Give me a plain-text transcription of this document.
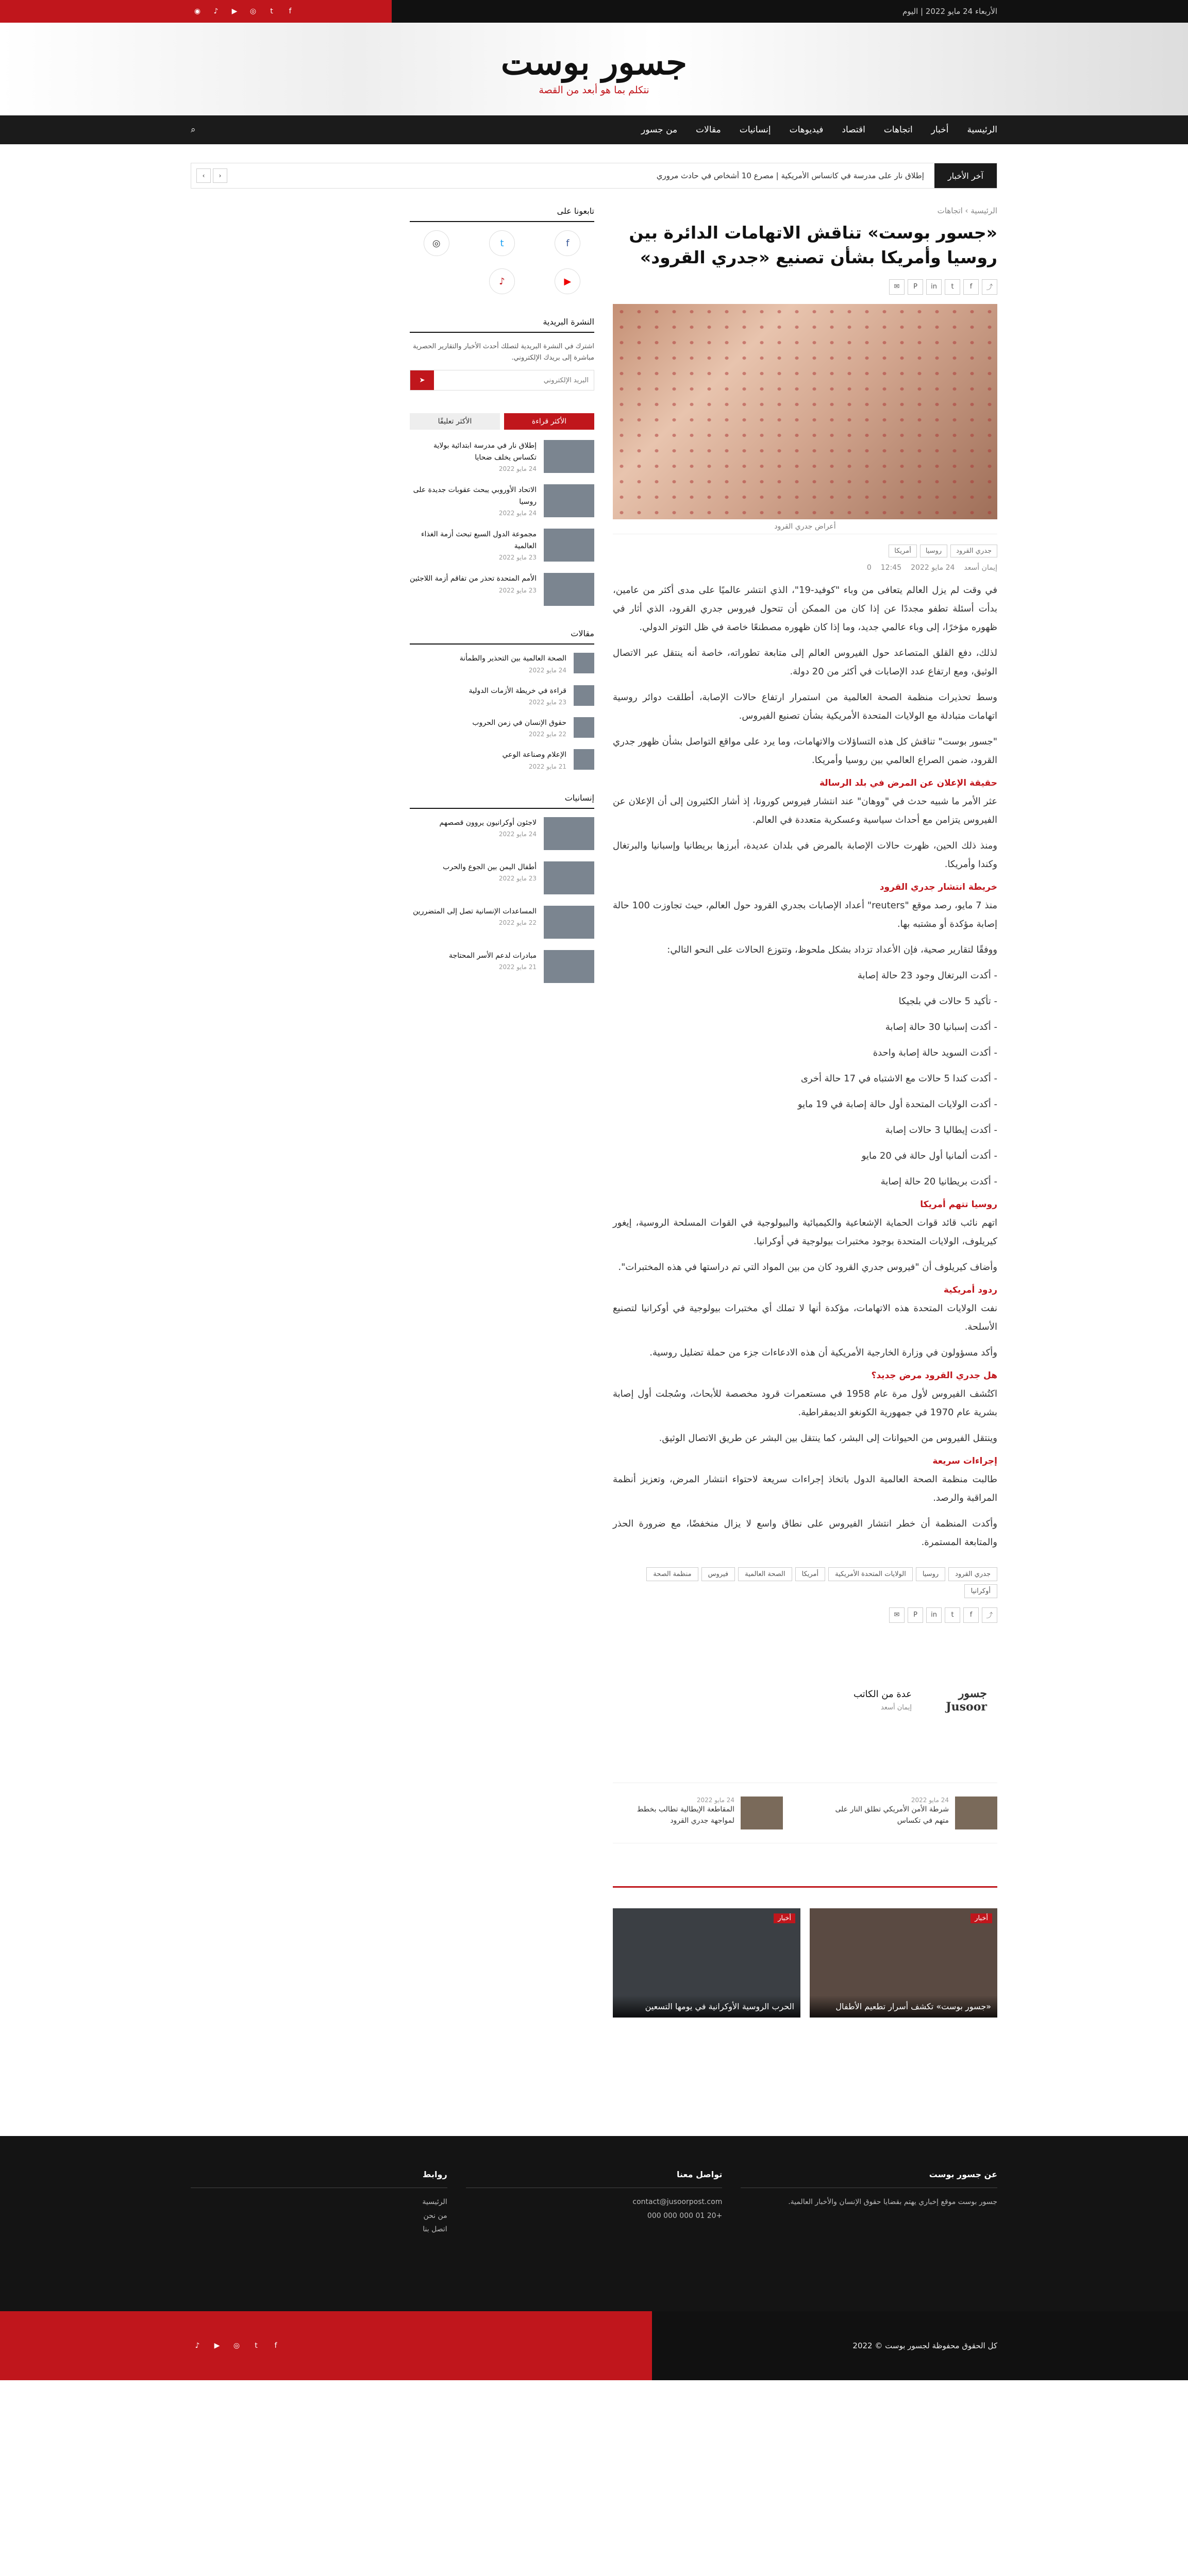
الأربعاء 24 مايو 2022 | اليوم
f
t
◎
▶
♪
◉
جسور بوست
نتكلم بما هو أبعد من القصة
الرئيسية
أخبار
اتجاهات
اقتصاد
فيديوهات
إنسانيات
مقالات
من جسور
⌕
آخر الأخبار
إطلاق نار على مدرسة في كانساس الأمريكية | مصرع 10 أشخاص في حادث مروري
‹
›
الرئيسية › اتجاهات
«جسور بوست» تناقش الاتهامات الدائرة بين روسيا وأمريكا بشأن تصنيع «جدري القرود»
⤴
f
t
in
P
✉
أعراض جدري القرود
جدري القرود
روسيا
أمريكا
إيمان أسعد
24 مايو 2022
12:45
0

في وقت لم يزل العالم يتعافى من وباء "كوفيد-19"، الذي انتشر عالميًا على مدى أكثر من عامين، بدأت أسئلة تطفو مجددًا عن إذا كان من الممكن أن تتحول فيروس جدري القرود، الذي أثار في ظهوره مؤخرًا، إلى وباء عالمي جديد، وما إذا كان ظهوره مصطنعًا خاصة في ظل التوتر الدولي.

لذلك، دفع القلق المتصاعد حول الفيروس العالم إلى متابعة تطوراته، خاصة أنه ينتقل عبر الاتصال الوثيق، ومع ارتفاع عدد الإصابات في أكثر من 20 دولة.

وسط تحذيرات منظمة الصحة العالمية من استمرار ارتفاع حالات الإصابة، أطلقت دوائر روسية اتهامات متبادلة مع الولايات المتحدة الأمريكية بشأن تصنيع الفيروس.

"جسور بوست" تناقش كل هذه التساؤلات والاتهامات، وما يرد على مواقع التواصل بشأن ظهور جدري القرود، ضمن الصراع العالمي بين روسيا وأمريكا.

حقيقة الإعلان عن المرض في بلد الرسالة

عثر الأمر ما شبيه حدث في "ووهان" عند انتشار فيروس كورونا، إذ أشار الكثيرون إلى أن الإعلان عن الفيروس يتزامن مع أحداث سياسية وعسكرية متعددة في العالم.

ومنذ ذلك الحين، ظهرت حالات الإصابة بالمرض في بلدان عديدة، أبرزها بريطانيا وإسبانيا والبرتغال وكندا وأمريكا.

خريطة انتشار جدري القرود

منذ 7 مايو، رصد موقع "reuters" أعداد الإصابات بجدري القرود حول العالم، حيث تجاوزت 100 حالة إصابة مؤكدة أو مشتبه بها.

ووفقًا لتقارير صحية، فإن الأعداد تزداد بشكل ملحوظ، وتتوزع الحالات على النحو التالي:

- أكدت البرتغال وجود 23 حالة إصابة

- تأكيد 5 حالات في بلجيكا

- أكدت إسبانيا 30 حالة إصابة

- أكدت السويد حالة إصابة واحدة

- أكدت كندا 5 حالات مع الاشتباه في 17 حالة أخرى

- أكدت الولايات المتحدة أول حالة إصابة في 19 مايو

- أكدت إيطاليا 3 حالات إصابة

- أكدت ألمانيا أول حالة في 20 مايو

- أكدت بريطانيا 20 حالة إصابة

روسيا تتهم أمريكا

اتهم نائب قائد قوات الحماية الإشعاعية والكيميائية والبيولوجية في القوات المسلحة الروسية، إيغور كيريلوف، الولايات المتحدة بوجود مختبرات بيولوجية في أوكرانيا.

وأضاف كيريلوف أن "فيروس جدري القرود كان من بين المواد التي تم دراستها في هذه المختبرات".

ردود أمريكية

نفت الولايات المتحدة هذه الاتهامات، مؤكدة أنها لا تملك أي مختبرات بيولوجية في أوكرانيا لتصنيع الأسلحة.

وأكد مسؤولون في وزارة الخارجية الأمريكية أن هذه الادعاءات جزء من حملة تضليل روسية.

هل جدري القرود مرض جديد؟

اكتُشف الفيروس لأول مرة عام 1958 في مستعمرات قرود مخصصة للأبحاث، وسُجلت أول إصابة بشرية عام 1970 في جمهورية الكونغو الديمقراطية.

وينتقل الفيروس من الحيوانات إلى البشر، كما ينتقل بين البشر عن طريق الاتصال الوثيق.

إجراءات سريعة

طالبت منظمة الصحة العالمية الدول باتخاذ إجراءات سريعة لاحتواء انتشار المرض، وتعزيز أنظمة المراقبة والرصد.

وأكدت المنظمة أن خطر انتشار الفيروس على نطاق واسع لا يزال منخفضًا، مع ضرورة الحذر والمتابعة المستمرة.

جدري القرود
روسيا
الولايات المتحدة الأمريكية
أمريكا
الصحة العالمية
فيروس
منظمة الصحة
أوكرانيا
⤴
f
t
in
P
✉
جسور Jusoor
عدة من الكاتب
إيمان أسعد
24 مايو 2022
شرطة الأمن الأمريكي تطلق النار على متهم في تكساس
24 مايو 2022
المقاطعة الإيطالية تطالب بخطط لمواجهة جدري القرود
أخبار
«جسور بوست» تكشف أسرار تطعيم الأطفال
أخبار
الحرب الروسية الأوكرانية في يومها التسعين
تابعونا على
f
t
◎
▶
♪
النشرة البريدية

اشترك في النشرة البريدية لتصلك أحدث الأخبار والتقارير الحصرية مباشرة إلى بريدك الإلكتروني.

البريد الإلكتروني
➤
الأكثر قراءة
الأكثر تعليقًا
إطلاق نار في مدرسة ابتدائية بولاية تكساس يخلف ضحايا
24 مايو 2022
الاتحاد الأوروبي يبحث عقوبات جديدة على روسيا
24 مايو 2022
مجموعة الدول السبع تبحث أزمة الغذاء العالمية
23 مايو 2022
الأمم المتحدة تحذر من تفاقم أزمة اللاجئين
23 مايو 2022
مقالات
الصحة العالمية بين التحذير والطمأنة
24 مايو 2022
قراءة في خريطة الأزمات الدولية
23 مايو 2022
حقوق الإنسان في زمن الحروب
22 مايو 2022
الإعلام وصناعة الوعي
21 مايو 2022
إنسانيات
لاجئون أوكرانيون يروون قصصهم
24 مايو 2022
أطفال اليمن بين الجوع والحرب
23 مايو 2022
المساعدات الإنسانية تصل إلى المتضررين
22 مايو 2022
مبادرات لدعم الأسر المحتاجة
21 مايو 2022
عن جسور بوست
جسور بوست موقع إخباري يهتم بقضايا حقوق الإنسان والأخبار العالمية.
تواصل معنا
contact@jusoorpost.com
+20 01 000 000 000
روابط
الرئيسية
من نحن
اتصل بنا
كل الحقوق محفوظة لجسور بوست © 2022
f
t
◎
▶
♪
